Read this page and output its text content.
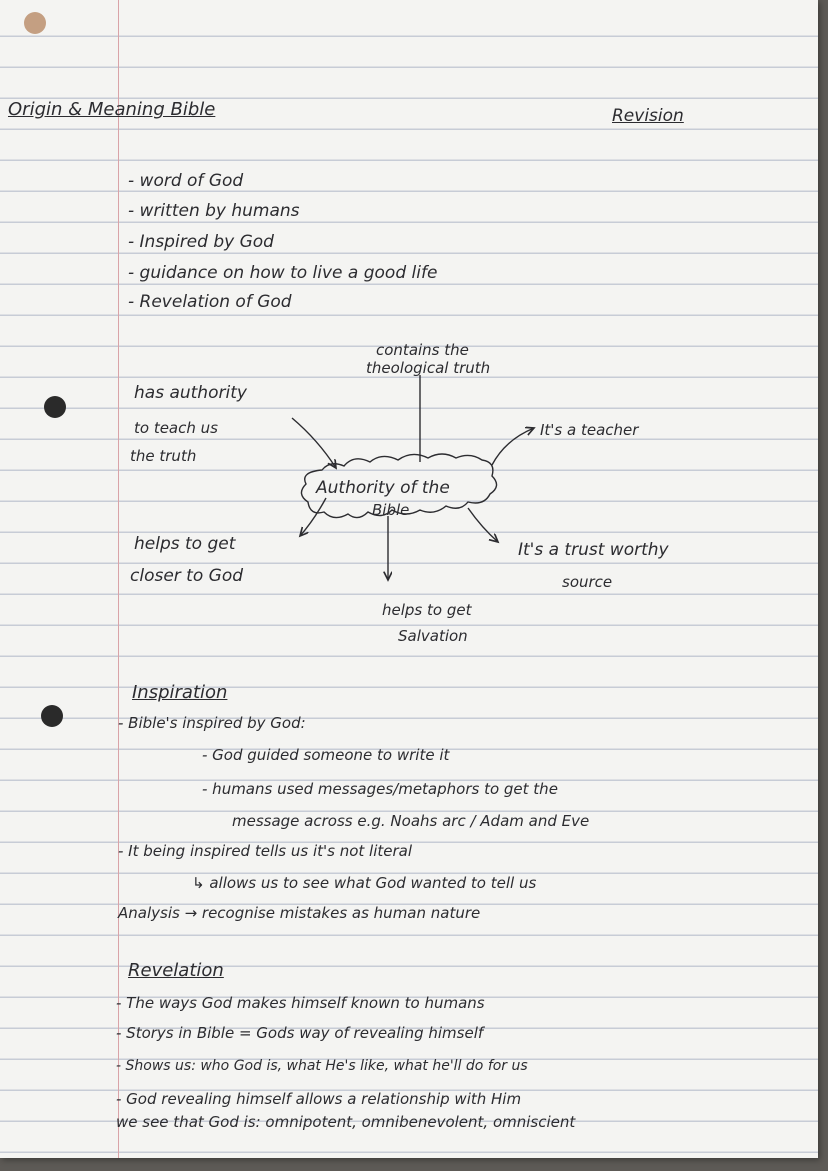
Origin & Meaning Bible	Revision
- word of God
- written by humans
- Inspired by God
- guidance on how to live a good life
- Revelation of God
contains the
theological truth
has authority
to teach us
the truth
It's a teacher
Authority of the
Bible
helps to get
closer to God
It's a trust worthy
source
helps to get
Salvation
Inspiration
- Bible's inspired by God:
- God guided someone to write it
- humans used messages/metaphors to get the
message across e.g. Noahs arc / Adam and Eve
- It being inspired tells us it's not literal
↳ allows us to see what God wanted to tell us
Analysis → recognise mistakes as human nature
Revelation
- The ways God makes himself known to humans
- Storys in Bible = Gods way of revealing himself
- Shows us: who God is, what He's like, what he'll do for us
- God revealing himself allows a relationship with Him
we see that God is: omnipotent, omnibenevolent, omniscient
